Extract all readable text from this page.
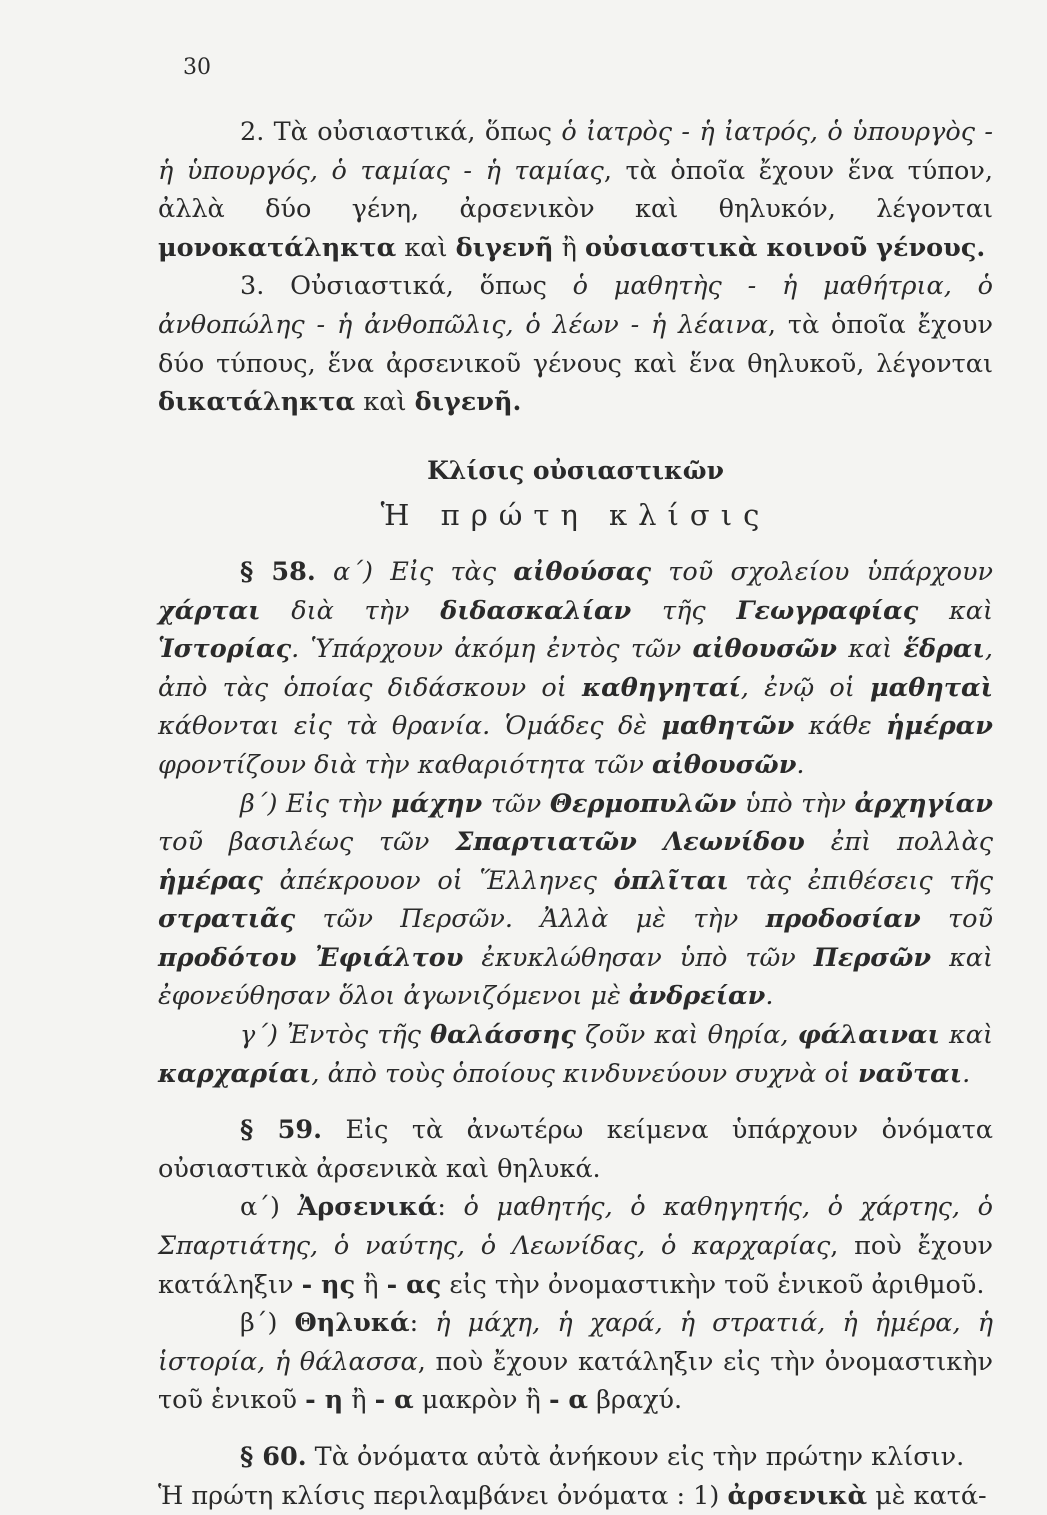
30

2. Τὰ οὐσιαστικά, ὅπως ὁ ἰατρὸς - ἡ ἰατρός, ὁ ὑπουργὸς - ἡ ὑπουργός, ὁ ταμίας - ἡ ταμίας, τὰ ὁποῖα ἔχουν ἕνα τύπον, ἀλλὰ δύο γένη, ἀρσενικὸν καὶ θηλυκόν, λέγονται μονοκατάληκτα καὶ διγενῆ ἢ οὐσιαστικὰ κοινοῦ γένους.

3. Οὐσιαστικά, ὅπως ὁ μαθητὴς - ἡ μαθήτρια, ὁ ἀνθοπώλης - ἡ ἀνθοπῶλις, ὁ λέων - ἡ λέαινα, τὰ ὁποῖα ἔχουν δύο τύπους, ἕνα ἀρσενικοῦ γένους καὶ ἕνα θηλυκοῦ, λέγονται δικατάληκτα καὶ διγενῆ.

Κλίσις οὐσιαστικῶν

Ἡ πρώτη κλίσις

§ 58. α΄) Εἰς τὰς αἰθούσας τοῦ σχολείου ὑπάρχουν χάρται διὰ τὴν διδασκαλίαν τῆς Γεωγραφίας καὶ Ἱστορίας. Ὑπάρχουν ἀκόμη ἐντὸς τῶν αἰθουσῶν καὶ ἕδραι, ἀπὸ τὰς ὁποίας διδάσκουν οἱ καθηγηταί, ἐνῷ οἱ μαθηταὶ κάθονται εἰς τὰ θρανία. Ὁμάδες δὲ μαθητῶν κάθε ἡμέραν φροντίζουν διὰ τὴν καθαριότητα τῶν αἰθουσῶν.

β΄) Εἰς τὴν μάχην τῶν Θερμοπυλῶν ὑπὸ τὴν ἀρχηγίαν τοῦ βασιλέως τῶν Σπαρτιατῶν Λεωνίδου ἐπὶ πολλὰς ἡμέρας ἀπέκρουον οἱ Ἕλληνες ὁπλῖται τὰς ἐπιθέσεις τῆς στρατιᾶς τῶν Περσῶν. Ἀλλὰ μὲ τὴν προδοσίαν τοῦ προδότου Ἐφιάλτου ἐκυκλώθησαν ὑπὸ τῶν Περσῶν καὶ ἐφονεύθησαν ὅλοι ἀγωνιζόμενοι μὲ ἀνδρείαν.

γ΄) Ἐντὸς τῆς θαλάσσης ζοῦν καὶ θηρία, φάλαιναι καὶ καρχαρίαι, ἀπὸ τοὺς ὁποίους κινδυνεύουν συχνὰ οἱ ναῦται.

§ 59. Εἰς τὰ ἀνωτέρω κείμενα ὑπάρχουν ὀνόματα οὐσιαστικὰ ἀρσενικὰ καὶ θηλυκά.

α΄) Ἀρσενικά: ὁ μαθητής, ὁ καθηγητής, ὁ χάρτης, ὁ Σπαρτιάτης, ὁ ναύτης, ὁ Λεωνίδας, ὁ καρχαρίας, ποὺ ἔχουν κατάληξιν - ης ἢ - ας εἰς τὴν ὀνομαστικὴν τοῦ ἑνικοῦ ἀριθμοῦ.

β΄) Θηλυκά: ἡ μάχη, ἡ χαρά, ἡ στρατιά, ἡ ἡμέρα, ἡ ἱστορία, ἡ θάλασσα, ποὺ ἔχουν κατάληξιν εἰς τὴν ὀνομαστικὴν τοῦ ἑνικοῦ - η ἢ - α μακρὸν ἢ - α βραχύ.

§ 60. Τὰ ὀνόματα αὐτὰ ἀνήκουν εἰς τὴν πρώτην κλίσιν.

Ἡ πρώτη κλίσις περιλαμβάνει ὀνόματα : 1) ἀρσενικὰ μὲ κατά-
